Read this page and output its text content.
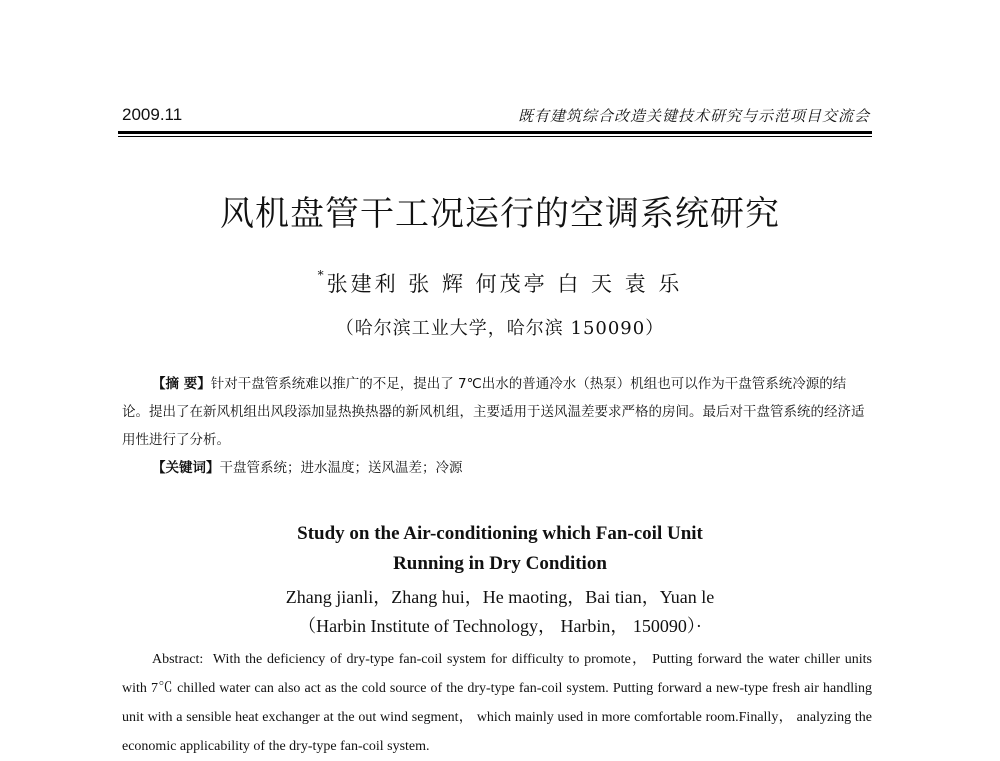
2009.11	既有建筑综合改造关键技术研究与示范项目交流会
风机盘管干工况运行的空调系统研究
*张建利 张 辉 何茂亭 白 天 袁 乐
（哈尔滨工业大学，哈尔滨 150090）

【摘 要】针对干盘管系统难以推广的不足，提出了 7℃出水的普通冷水（热泵）机组也可以作为干盘管系统冷源的结论。提出了在新风机组出风段添加显热换热器的新风机组，主要适用于送风温差要求严格的房间。最后对干盘管系统的经济适用性进行了分析。

【关键词】干盘管系统；进水温度；送风温差；冷源

Study on the Air-conditioning which Fan-coil Unit
Running in Dry Condition
Zhang jianli，Zhang hui，He maoting，Bai tian，Yuan le
（Harbin Institute of Technology， Harbin， 150090）·

Abstract: With the deficiency of dry-type fan-coil system for difficulty to promote， Putting forward the water chiller units with 7℃ chilled water can also act as the cold source of the dry-type fan-coil system. Putting forward a new-type fresh air handling unit with a sensible heat exchanger at the out wind segment， which mainly used in more comfortable room.Finally， analyzing the economic applicability of the dry-type fan-coil system.
